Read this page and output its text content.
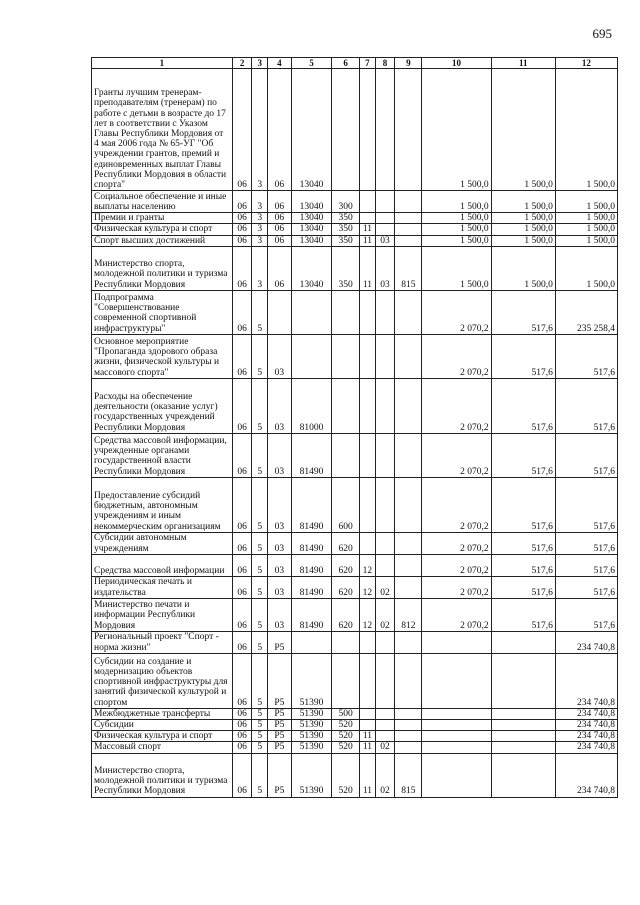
695
1	2	3	4	5	6	7	8	9	10	11	12
Гранты лучшим тренерам-преподавателям (тренерам) по работе с детьми в возрасте до 17 лет в соответствии с Указом Главы Республики Мордовия от 4 мая 2006 года № 65-УГ "Об учреждении грантов, премий и единовременных выплат Главы Республики Мордовия в области спорта"	06	3	06	13040					1 500,0	1 500,0	1 500,0
Социальное обеспечение и иные выплаты населению	06	3	06	13040	300				1 500,0	1 500,0	1 500,0
Премии и гранты	06	3	06	13040	350				1 500,0	1 500,0	1 500,0
Физическая культура и спорт	06	3	06	13040	350	11			1 500,0	1 500,0	1 500,0
Спорт высших достижений	06	3	06	13040	350	11	03		1 500,0	1 500,0	1 500,0
Министерство спорта, молодежной политики и туризма Республики Мордовия	06	3	06	13040	350	11	03	815	1 500,0	1 500,0	1 500,0
Подпрограмма "Совершенствование современной спортивной инфраструктуры"	06	5							2 070,2	517,6	235 258,4
Основное мероприятие "Пропаганда здорового образа жизни, физической культуры и массового спорта"	06	5	03						2 070,2	517,6	517,6
Расходы на обеспечение деятельности (оказание услуг) государственных учреждений Республики Мордовия	06	5	03	81000					2 070,2	517,6	517,6
Средства массовой информации, учрежденные органами государственной власти Республики Мордовия	06	5	03	81490					2 070,2	517,6	517,6
Предоставление субсидий бюджетным, автономным учреждениям и иным некоммерческим организациям	06	5	03	81490	600				2 070,2	517,6	517,6
Субсидии автономным учреждениям	06	5	03	81490	620				2 070,2	517,6	517,6
Средства массовой информации	06	5	03	81490	620	12			2 070,2	517,6	517,6
Периодическая печать и издательства	06	5	03	81490	620	12	02		2 070,2	517,6	517,6
Министерство печати и информации Республики Мордовия	06	5	03	81490	620	12	02	812	2 070,2	517,6	517,6
Региональный проект "Спорт - норма жизни"	06	5	P5								234 740,8
Субсидии на создание и модернизацию объектов спортивной инфраструктуры для занятий физической культурой и спортом	06	5	P5	51390							234 740,8
Межбюджетные трансферты	06	5	P5	51390	500						234 740,8
Субсидии	06	5	P5	51390	520						234 740,8
Физическая культура и спорт	06	5	P5	51390	520	11					234 740,8
Массовый спорт	06	5	P5	51390	520	11	02				234 740,8
Министерство спорта, молодежной политики и туризма Республики Мордовия	06	5	P5	51390	520	11	02	815			234 740,8
